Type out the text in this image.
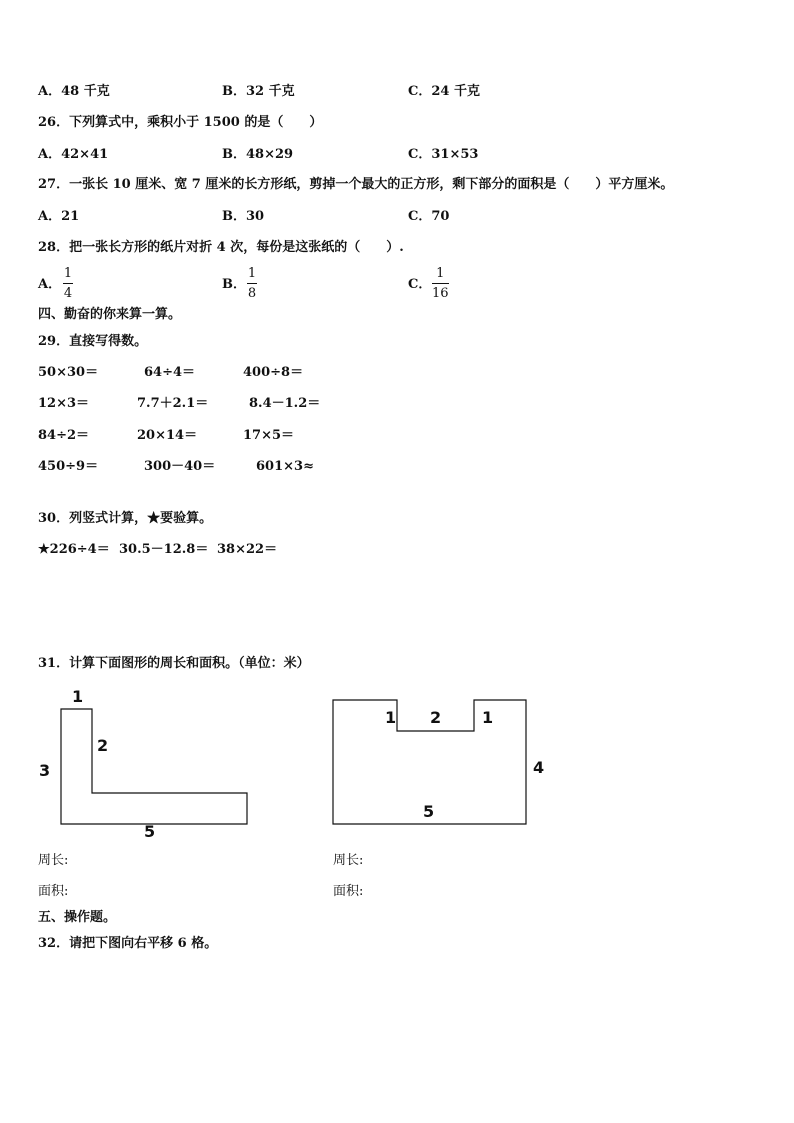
A．48 千克	B．32 千克	C．24 千克
26．下列算式中，乘积小于 1500 的是（　　）
A．42×41	B．48×29	C．31×53
27．一张长 10 厘米、宽 7 厘米的长方形纸，剪掉一个最大的正方形，剩下部分的面积是（　　）平方厘米。
A．21	B．30	C．70
28．把一张长方形的纸片对折 4 次，每份是这张纸的（　　）.
A．
1
4
B．
1
8
C．
1
16
四、勤奋的你来算一算。
29．直接写得数。
50×30＝	64÷4＝	400÷8＝
12×3＝	7.7＋2.1＝	8.4－1.2＝
84÷2＝	20×14＝	17×5＝
450÷9＝	300－40＝	601×3≈
30．列竖式计算，★要验算。
★226÷4＝ 30.5－12.8＝ 38×22＝
31．计算下面图形的周长和面积。（单位：米）
1
2
3
5
1 2	1
4
5
周长:	周长:
面积:	面积:
五、操作题。
32．请把下图向右平移 6 格。
